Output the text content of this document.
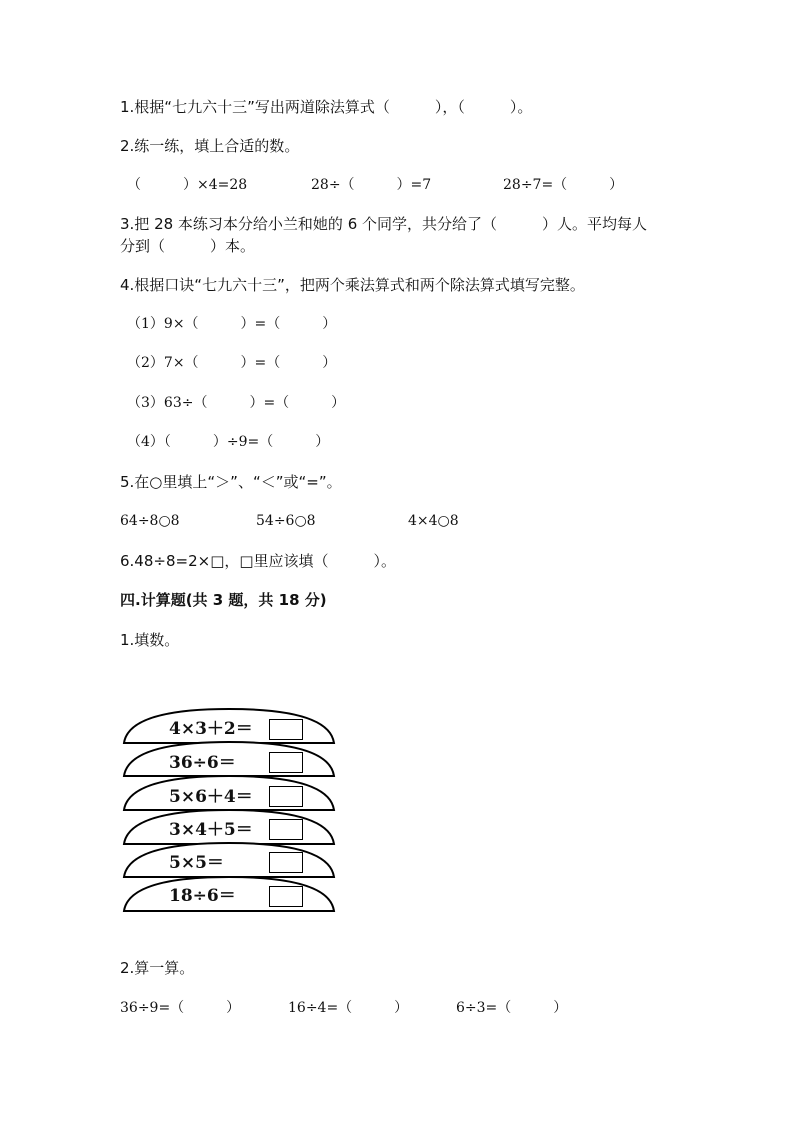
1.根据“七九六十三”写出两道除法算式（　　　），（　　　）。
2.练一练，填上合适的数。
（　　　）×4=28	28÷（　　　）=7	28÷7=（　　　）
3.把 28 本练习本分给小兰和她的 6 个同学，共分给了（　　　）人。平均每人
分到（　　　）本。
4.根据口诀“七九六十三”，把两个乘法算式和两个除法算式填写完整。
（1）9×（　　　）=（　　　）
（2）7×（　　　）=（　　　）
（3）63÷（　　　）=（　　　）
（4）（　　　）÷9=（　　　）
5.在○里填上“＞”、“＜”或“=”。
64÷8○8	54÷6○8	4×4○8
6.48÷8=2×□，□里应该填（　　　）。
四.计算题(共 3 题，共 18 分)
1.填数。
4×3＋2＝
36÷6＝
5×6＋4＝
3×4＋5＝
5×5＝
18÷6＝
2.算一算。
36÷9=（　　　）	16÷4=（　　　）	6÷3=（　　　）
